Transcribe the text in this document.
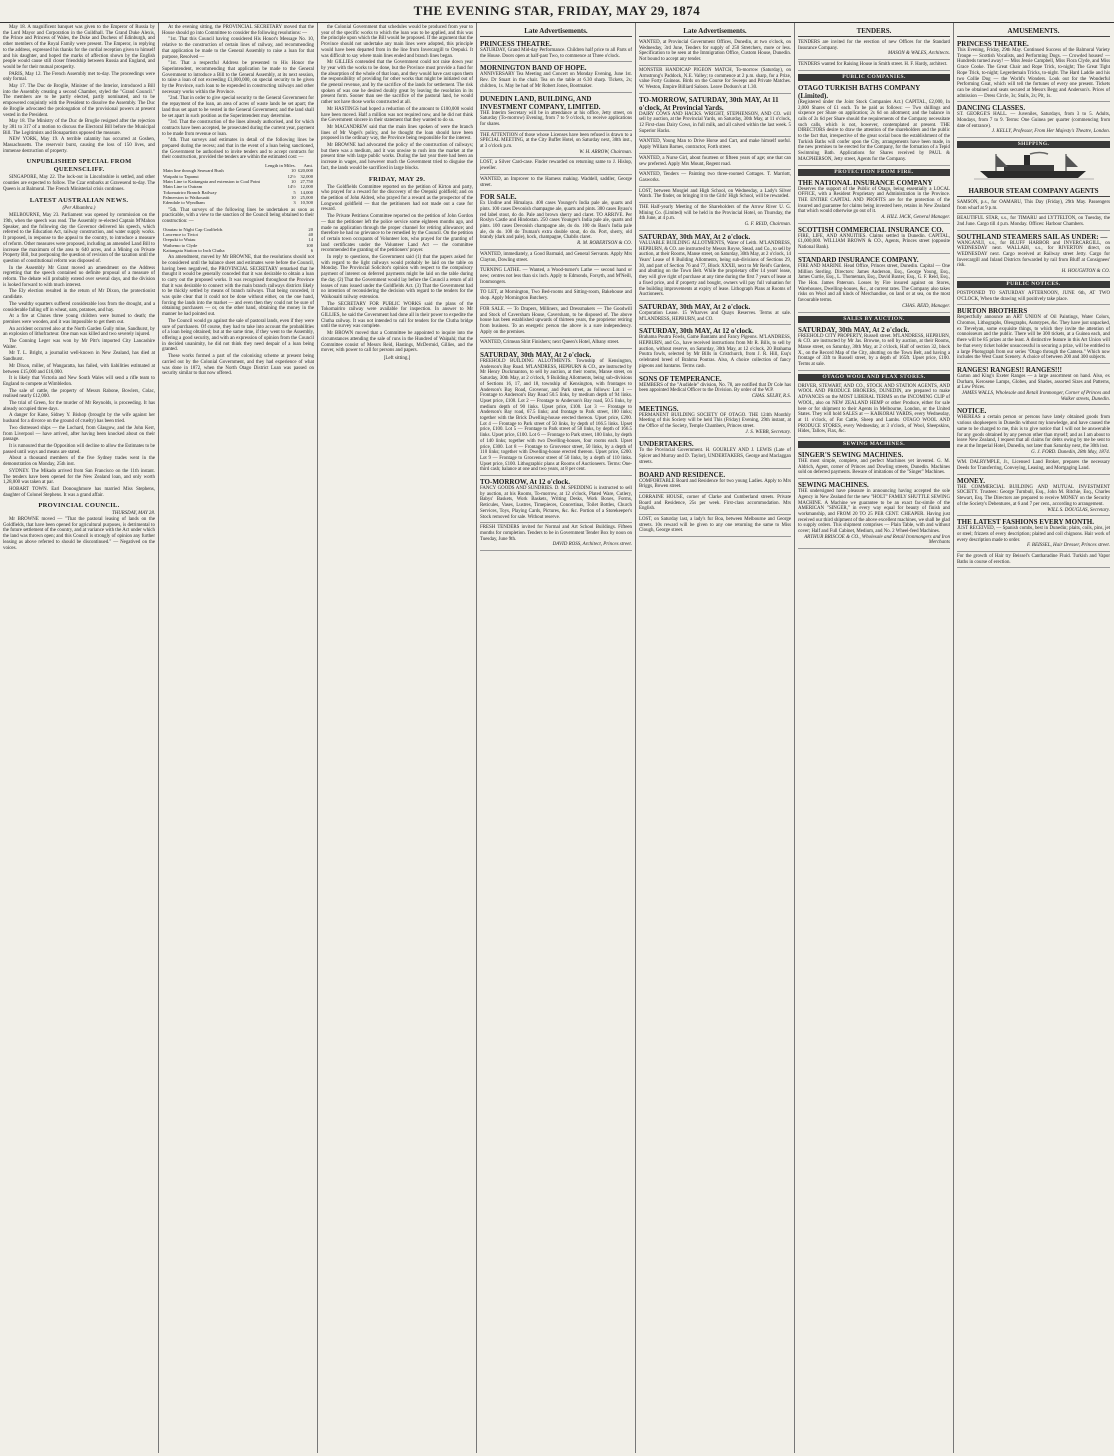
THE EVENING STAR, FRIDAY, MAY 29, 1874
May 18. A magnificent banquet was given to the Emperor of Russia by the Lord Mayor and Corporation in the Guildhall. The Grand Duke Alexis, the Prince and Princess of Wales, the Duke and Duchess of Edinburgh, and other members of the Royal Family were present. The Emperor, in replying to the address, expressed his thanks for the cordial reception given to himself and his daughter, and hoped the marks of affection shown by the English people would cause still closer friendship between Russia and England, and would be for their mutual prosperity.
PARIS, May 12. The French Assembly met to-day. The proceedings were only formal.
May 17. The Duc de Broglie, Minister of the Interior, introduced a Bill into the Assembly creating a second Chamber, styled the "Grand Council." The members are to be partly elected, partly nominated, and to be empowered conjointly with the President to dissolve the Assembly. The Duc de Broglie advocated the prolongation of the provisional powers at present vested in the President.
May 18. The Ministry of the Duc de Broglie resigned after the rejection by 381 to 317 of a motion to discuss the Electoral Bill before the Municipal Bill. The Legitimists and Bonapartists opposed the measure.
NEW YORK, May 19. A terrible calamity has occurred at Goshen, Massachusetts. The reservoir burst, causing the loss of 150 lives, and immense destruction of property.
UNPUBLISHED SPECIAL FROM QUEENSCLIFF.
SINGAPORE, May 22. The lock-out in Lincolnshire is settled, and other counties are expected to follow. The Czar embarks at Gravesend to-day. The Queen is at Balmoral. The French Ministerial crisis continues.
LATEST AUSTRALIAN NEWS.
(Per Alhambra.)
MELBOURNE, May 23. Parliament was opened by commission on the 19th, when the speech was read. The Assembly re-elected Captain M'Mahon Speaker, and the following day the Governor delivered his speech, which referred to the Education Act, railway construction, and water supply works. It proposed, in response to the appeal to the country, to introduce a measure of reform. Other measures were proposed, including an amended Land Bill to increase the maximum of the area to 640 acres, and a Mining on Private Property Bill, but postponing the question of revision of the taxation until the question of constitutional reform was disposed of.
In the Assembly Mr Grant moved an amendment on the Address regretting that the speech contained no definite proposal of a measure of reform. The debate will probably extend over several days, and the division is looked forward to with much interest.
The Ely election resulted in the return of Mr Dixon, the protectionist candidate.
The wealthy squatters suffered considerable loss from the drought, and a considerable falling off in wheat, oats, potatoes, and hay.
At a fire at Clunes three young children were burned to death; the premises were wooden, and it was impossible to get them out.
An accident occurred also at the North Garden Gully mine, Sandhurst, by an explosion of lithofracteur. One man was killed and two severely injured.
The Conning Leger was won by Mr Pitt's imported City Lancashire Waiter.
Mr T. L. Bright, a journalist well-known in New Zealand, has died at Sandhurst.
Mr Dixon, miller, of Wangaratta, has failed, with liabilities estimated at between £15,000 and £16,000.
It is likely that Victoria and New South Wales will send a rifle team to England to compete at Wimbledon.
The sale of cattle, the property of Messrs Rabone, Bowlers, Colac, realised nearly £12,000.
The trial of Green, for the murder of Mr Reynolds, is proceeding. It has already occupied three days.
A danger for Kane, Sidney Y. Bishop (brought by the wife against her husband for a divorce on the ground of cruelty) has been tried.
Two distressed ships — the Lochard, from Glasgow, and the John Kerr, from Liverpool — have arrived, after having been knocked about on their passage.
It is rumoured that the Opposition will decline to allow the Estimates to be passed until ways and means are stated.
About a thousand members of the five Sydney trades went in the demonstration on Monday, 25th inst.
SYDNEY. The Mikado arrived from San Francisco on the 11th instant. The tenders have been opened for the New Zealand loan, and only worth 1,28,000 was taken at par.
HOBART TOWN. Earl Donoughmore has married Miss Stephens, daughter of Colonel Stephens. It was a grand affair.
PROVINCIAL COUNCIL.
THURSDAY, MAY 28.
Mr BROWNE moved — "That the pastoral leasing of lands on the Goldfields, that have been opened for agricultural purposes, is detrimental to the future settlement of the country, and at variance with the Act under which the land was thrown open; and this Council is strongly of opinion any further leasing as above referred to should be discontinued." — Negatived on the voices.
At the evening sitting, the PROVINCIAL SECRETARY moved that the House should go into Committee to consider the following resolutions: —
"1st. That this Council having considered His Honor's Message No. 10, relative to the construction of certain lines of railway, and recommending that application be made to the General Assembly to raise a loan for that purpose, Resolved —
"1st. That a respectful Address be presented to His Honor the Superintendent, recommending that application be made to the General Government to introduce a Bill to the General Assembly, at its next session, to raise a loan of not exceeding £1,000,000, on special security to be given by the Province, such loan to be expended in constructing railways and other necessary works within the Province.
"2nd. That in order to give special security to the General Government for the repayment of the loan, an area of acres of waste lands be set apart; the land thus set apart to be vested in the General Government; and the land shall be set apart in such position as the Superintendent may determine.
"3rd. That the construction of the lines already authorised, and for which contracts have been accepted, be prosecuted during the current year, payment to be made from revenue or loan.
"4th. That surveys and estimates in detail of the following lines be prepared during the recess; and that in the event of a loan being sanctioned, the Government be authorised to invite tenders and to accept contracts for their construction, provided the tenders are within the estimated cost: —
	Length in Miles.	Amt.
Main line through Seaward Bush	10	£20,000
Waipahi to Tapanui	12½	32,000
Main Line to Kaitangata and extension to Coal Point	10	27,750
Main Line to Outram	14½	12,000
Tokomairiro Branch Railway	5	14,000
Palmerston to Waikouaiti	10	25,000
Edendale to Wyndham	3	10,500
"5th. That surveys of the following lines be undertaken as soon as practicable, with a view to the sanction of the Council being obtained to their construction: —
Otautau to Night Cap Coalfields	20
Lawrence to Tiviot	40
Orepuki to Waiau	14
Waihemo to Clyde	100
Kaitangata Station to Inch Clutha	6
An amendment, moved by Mr BROWNE, that the resolutions should not be considered until the balance sheet and estimates were before the Council, having been negatived, the PROVINCIAL SECRETARY remarked that he thought it would be generally conceded that it was desirable to obtain a loan to carry out the proposed works. It was recognised throughout the Province that it was desirable to connect with the main branch railways districts likely to be thickly settled by means of branch railways. That being conceded, it was quite clear that it could not be done without either, on the one hand, forcing the lands into the market — and even then they could not be sure of obtaining purchasers — or, on the other hand, obtaining the money in the manner he had pointed out.
The Council would go against the sale of pastoral lands, even if they were sure of purchasers. Of course, they had to take into account the probabilities of a loan being obtained; but at the same time, if they went to the Assembly, offering a good security, and with an expression of opinion from the Council in decided unanimity, he did not think they need despair of a loan being granted.
These works formed a part of the colonising scheme at present being carried out by the Colonial Government, and they had experience of what was done in 1872, when the North Otago District Loan was passed on security similar to that now offered.
the Colonial Government that schedules would be produced from year to year of the specific works to which the loan was to be applied, and this was the principle upon which the Bill would be proposed. If the argument that the Province should not undertake any main lines were adopted, this principle would have been departed from in the line from Invercargill to Orepuki. It was difficult to say where main lines ended and branch lines began.
Mr GILLIES contended that the Government could not raise down year by year with the works to be done, but the Province must provide a fund for the absorption of the whole of that loan, and they would have cast upon them the responsibility of providing for other works that might be initiated out of the general revenue, and by the sacrifice of the lands for settlement. The risk spoken of was one he desired doubly great by leaving the resolution in its present form. Sooner than see the sacrifice of the pastoral land, he would rather not have those works constructed at all.
Mr HASTINGS had hoped a reduction of the amount to £100,000 would have been moved. Half a million was not required now, and he did not think the Government sincere in their statement that they wanted to do so.
Mr MACANDREW said that the main lines spoken of were the branch lines of Mr Vogel's policy, and he thought the loan should have been proposed in the ordinary way, the Province being responsible for the interest.
Mr BROWNE had advocated the policy of the construction of railways; but there was a medium, and it was unwise to rush into the market at the present time with large public works. During the last year there had been an increase in wages, and however much the Government tried to disguise the fact, the lands would be sacrificed in large blocks.
FRIDAY, MAY 29.
The Goldfields Committee reported on the petition of Kirton and party, who prayed for a reward for the discovery of the Orepuki goldfield; and on the petition of John Aldred, who prayed for a reward as the prospector of the Longwood goldfield — that the petitioners had not made out a case for reward.
The Private Petitions Committee reported on the petition of John Gordon — that the petitioner left the police service some eighteen months ago, and made no application through the proper channel for retiring allowance; and therefore he had no grievance to be remedied by the Council. On the petition of certain town occupants of Volunteer lots, who prayed for the granting of land certificates under the Volunteer Land Act — the committee recommended the granting of the petitioners' prayer.
In reply to questions, the Government said (1) that the papers asked for with regard to the light railways would probably be laid on the table on Monday. The Provincial Solicitor's opinion with respect to the compulsory payment of interest on deferred payments might be laid on the table during the day. (2) That the Government would lay before the Council a return of all leases of runs issued under the Goldfields Act. (3) That the Government had no intention of reconsidering the decision with regard to the tenders for the Waikouaiti railway extension.
The SECRETARY FOR PUBLIC WORKS said the plans of the Tokomairiro railway were available for inspection. In answer to Mr GILLIES, he said the Government had done all in their power to expedite the Clutha railway. It was not intended to call for tenders for the Clutha bridge until the survey was complete.
Mr BROWN moved that a Committee be appointed to inquire into the circumstances attending the sale of runs in the Hundred of Waipahi; that the Committee consist of Messrs Reid, Hastings, McDermid, Gillies, and the mover, with power to call for persons and papers.
[Left sitting.]
Late Advertisements.
PRINCESS THEATRE.
SATURDAY, Grand Mid-day Performance. Children half price to all Parts of the House. Doors open at half-past Two, to commence at Three o'clock.
MORNINGTON BAND OF HOPE.
ANNIVERSARY Tea Meeting and Concert on Monday Evening, June 1st. Rev. Dr Stuart in the chair. Tea on the table at 6.30 sharp. Tickets, 2s; children, 1s. May be had of Mr Robert Jones, Bootmaker.
DUNEDIN LAND, BUILDING, AND INVESTMENT COMPANY, LIMITED.
THE Interim Secretary will be in attendance at his office, Jetty street, on Saturday (To-morrow) Evening, from 7 to 9 o'clock, to receive applications for shares.
THE ATTENTION of those whose Licenses have been refused is drawn to a SPECIAL MEETING, at the City Buffet Hotel, on Saturday next, 30th inst., at 3 o'clock p.m.
W. H. ARROW, Chairman.
LOST, a Silver Card-case. Finder rewarded on returning same to J. Hislop, jeweller.
WANTED, an Improver to the Harness making. Waddell, saddler, George street.
FOR SALE.
Ex Undine and Himalaya. 400 cases Younger's India pale ale, quarts and pints. 100 cases Devonish champagne ale, quarts and pints. 300 cases Byass's red label stout, do do. Pale and brown sherry and claret. TO ARRIVE. Per Roslyn Castle and Hindostan. 250 cases Younger's India pale ale, quarts and pints. 100 cases Devonish champagne ale, do do. 100 do Bass's India pale ale, do do. 100 do Truman's extra double stout, do do. Port, sherry, old brandy (dark and pale), hock, champagne, Chablis claret.
R. M. ROBERTSON & CO.
WANTED, immediately, a Good Barmaid, and General Servants. Apply Mrs Clayton, Dowling street.
TURNING LATHE. — Wanted, a Wood-turner's Lathe — second hand or new; centres not less than six inch. Apply to Edmonds, Forsyth, and M'Neill, Ironmongers.
TO LET, at Mornington, Two Bed-rooms and Sitting-room, Bakehouse and shop. Apply Mornington Butchery.
FOR SALE. — To Drapers, Milliners, and Dressmakers — The Goodwill and Stock of Caversham House, Caversham, to be disposed of. The above house has been established upwards of thirteen years, the proprietor retiring from business. To an energetic person the above is a sure independency. Apply on the premises.
WANTED, Crimean Shirt Finishers; next Queen's Hotel, Albany street.
SATURDAY, 30th MAY, At 2 o'clock.
FREEHOLD BUILDING ALLOTMENTS. Township of Kensington, Anderson's Bay Road. M'LANDRESS, HEPBURN & CO., are instructed by Mr Henry Duckmanton, to sell by auction, at their rooms, Manse street, on Saturday, 30th May, at 2 o'clock, 9 Building Allotments, being sub-divisions of Sections 16, 17, and 18, township of Kensington, with frontages to Anderson's Bay Road, Grovenor, and Park street, as follows: Lot 1 — Frontage to Anderson's Bay Road 50.5 links, by medium depth of 94 links. Upset price, £100. Lot 2 — Frontage to Anderson's Bay road, 50.5 links, by medium depth of 90 links. Upset price, £100. Lot 3 — Frontage to Anderson's Bay road, 67.5 links; and frontage to Park street, 100 links; together with the Brick Dwelling-house erected thereon. Upset price, £200. Lot 4 — Frontage to Park street of 50 links, by depth of 166.5 links. Upset price, £100. Lot 5 — Frontage to Park street of 50 links, by depth of 166.5 links. Upset price, £100. Lot 6 — Frontage to Park street, 100 links, by depth of 140 links; together with two Dwelling-houses, four rooms each. Upset price, £300. Lot 8 — Frontage to Grosvenor street, 50 links, by a depth of 110 links; together with Dwelling-house erected thereon. Upset price, £200. Lot 9 — Frontage to Grosvenor street of 50 links, by a depth of 110 links. Upset price, £100. Lithographic plans at Rooms of Auctioneers. Terms: One-third cash; balance at one and two years, at 8 per cent.
TO-MORROW, At 12 o'clock.
FANCY GOODS AND SUNDRIES. D. M. SPEDDING is instructed to sell by auction, at his Rooms, To-morrow, at 12 o'clock, Plated Ware, Cutlery, Babys' Baskets, Work Baskets, Writing Desks, Work Boxes, Forms, Reticules, Vases, Lustres, Timepieces, Concertinas, Toilet Bottles, Church Services, Toys, Playing Cards, Pictures, &c. &c. Portion of a Storekeeper's Stock removed for sale. Without reserve.
FRESH TENDERS invited for Normal and Art School Buildings. Fifteen months for completion. Tenders to be in Government Tender Box by noon on Tuesday, June 9th.
DAVID ROSS, Architect, Princes street.
Late Advertisements.
WANTED, at Provincial Government Offices, Dunedin, at two o'clock, on Wednesday, 3rd June, Tenders for supply of 250 Stretchers, more or less. Specification to be seen at the Immigration Office, Custom House, Dunedin. Not bound to accept any tender.
MONSTER HANDICAP PIGEON MATCH, To-morrow (Saturday), on Armstrong's Paddock, N.E. Valley; to commence at 2 p.m. sharp, for a Prize, value Forty Guineas. Birds on the Course for Sweeps and Private Matches. W. Weston, Empire Billiard Saloon. Leave Dodson's at 1.30.
TO-MORROW, SATURDAY, 30th MAY, At 11 o'clock, At Provincial Yards.
DAIRY COWS AND HACKS. WRIGHT, STEPHENSON, AND CO. will sell by auction, at the Provincial Yards, on Saturday, 30th May, at 11 o'clock, 12 First-class Dairy Cows, in full milk, and all calved within the last week. 5 Superior Hacks.
WANTED, Young Man to Drive Horse and Cart, and make himself useful. Apply William Barnes, contractor, Forth street.
WANTED, a Nurse Girl, about fourteen or fifteen years of age; one that can sew preferred. Apply Mrs Mount, Regent road.
WANTED, Tenders — Painting two three-roomed Cottages. T. Marriott, Gasworks.
LOST, between Mosgiel and High School, on Wednesday, a Lady's Silver Watch. The finder, on bringing it to the Girls' High School, will be rewarded.
THE Half-yearly Meeting of the Shareholders of the Arrow River U. G. Mining Co. (Limited) will be held in the Provincial Hotel, on Thursday, the 4th June, at 4 p.m.
G. F. REID, Chairman.
SATURDAY, 30th MAY, At 2 o'clock.
VALUABLE BUILDING ALLOTMENTS, Water of Leith. M'LANDRESS, HEPBURN, & CO. are instructed by Messrs Royse, Stead, and Co., to sell by auction, at their Rooms, Manse street, on Saturday, 30th May, at 2 o'clock, 14 Years' Lease of 8 Building Allotments, being sub-divisions of Sections 29, 30, and part of Section 76 and 77, Block XXXII, next to Mr Reid's Gardens, and abutting on the Town Belt. While the proprietary offer 14 years' lease, they will give right of purchase at any time during the first 7 years of lease at a fixed price, and if property and bought, owners will pay full valuation for the building improvements at expiry of lease. Lithograph Plans at Rooms of Auctioneers.
SATURDAY, 30th MAY, At 2 o'clock.
Corporation Lease. 15 Wharves and Quays Reserves. Terms at sale. M'LANDRESS, HEPBURN, and CO.
SATURDAY, 30th MAY, At 12 o'clock.
Brahama Poutra Fowls, Game Bantams and Fancy Pigeons. M'LANDRESS, HEPBURN, and Co., have received instructions from Mr R. Bills, to sell by auction, without reserve, on Saturday, 30th May, at 12 o'clock, 20 Brahama Poutra fowls, selected by Mr Bills in Cristchurch, from J. R. Hill, Esq's celebrated breed of Brahma Poutras. Also, A choice collection of fancy pigeons and bantams. Terms cash.
SONS OF TEMPERANCE.
MEMBERS of the "Audidele" division, No. 78, are notified that Dr Cole has been appointed Medical Officer to the Division. By order of the W.P.
CHAS. SELBY, R.S.
MEETINGS.
PERMANENT BUILDING SOCIETY OF OTAGO. THE 124th Monthly Meeting of this Society will be held This (Friday) Evening, 29th instant, at the Office of the Society, Temple Chambers, Princes street.
J. S. WEBB, Secretary.
UNDERTAKERS.
To the Provincial Government. H. GOURLEY AND J. LEWIS (Late of Spicer and Murray and D. Taylor), UNDERTAKERS, George and Maclaggan streets.
BOARD AND RESIDENCE.
COMFORTABLE Board and Residence for two young Ladies. Apply to Mrs Briggs, Bowen street.
LORRAINE HOUSE, corner of Clarke and Cumberland streets. Private Board and Residence, 25s per week. First-class accommodation. Mrs English.
LOST, on Saturday last, a lady's fur Boa, between Melbourne and George streets. 10s reward will be given to any one returning the same to Miss Clough, George street.
TENDERS.
TENDERS are invited for the erection of new Offices for the Standard Insurance Company.
MASON & WALES, Architects.
TENDERS wanted for Raising House in Smith street. H. F. Hardy, architect.
PUBLIC COMPANIES.
OTAGO TURKISH BATHS COMPANY (Limited).
(Registered under the Joint Stock Companies Act.) CAPITAL, £2,000, In 2,000 Shares of £1 each. To be paid as follows: — Two shillings and sixpence per Share on application; 2s 6d on allotment; and the balance in calls of 2s 6d per Share should the requirements of the Company necessitate such calls, which is not, however, contemplated at present. THE DIRECTORS desire to draw the attention of the shareholders and the public to the fact that, irrespective of the great social boon the establishment of the Turkish Baths will confer upon the City, arrangements have been made, in the new premises to be erected for the Company, for the formation of a Tepid Swimming Bath. Applications for Shares received by PAUL & MACPHERSON, Jetty street, Agents for the Company.
PROTECTION FROM FIRE.
THE NATIONAL INSURANCE COMPANY
Deserves the support of the Public of Otago, being essentially a LOCAL OFFICE, with a Resident Proprietary and Administration in the Province. THE ENTIRE CAPITAL AND PROFITS are for the protection of the insured and guarantee for claims being invested here, retains in New Zealand that which would otherwise go out of it.
A. HILL JACK, General Manager.
SCOTTISH COMMERCIAL INSURANCE CO.
FIRE, LIFE, AND ANNUITIES. Claims settled in Dunedin. CAPITAL, £1,000,000. WILLIAM BROWN & CO., Agents, Princes street (opposite National Bank).
STANDARD INSURANCE COMPANY.
FIRE AND MARINE. Head Office, Princes street, Dunedin. Capital — One Million Sterling. Directors: James Anderson, Esq., George Young, Esq., James Currie, Esq., L. Thomeman, Esq., David Baxter, Esq., G. F. Reid, Esq., The Hon. James Paterson. Losses by Fire insured against on Stores, Warehouses, Dwelling-houses, &c., at current rates. The Company also takes risks on Wool and all kinds of Merchandise, on land or at sea, on the most favourable terms.
CHAS. REID, Manager.
SALES BY AUCTION.
SATURDAY, 30th MAY, At 2 o'clock.
FREEHOLD CITY PROPERTY, Russell street. M'LANDRESS, HEPBURN, & CO. are instructed by Mr Jas. Browne, to sell by auction, at their Rooms, Manse street, on Saturday, 30th May, at 2 o'clock, Half of section 32, block X., on the Record Map of the City, abutting on the Town Belt, and having a frontage of 33ft to Russell street, by a depth of 165ft. Upset price, £100. Terms at sale.
OTAGO WOOL AND FLAX STORES.
DRIVER, STEWART, AND CO., STOCK AND STATION AGENTS, AND WOOL AND PRODUCE BROKERS, DUNEDIN, are prepared to make ADVANCES on the MOST LIBERAL TERMS on the INCOMING CLIP of WOOL, also on NEW ZEALAND HEMP or other Produce, either for sale here or for shipment to their Agents in Melbourne, London, or the United States. They will hold SALES at — KAIKORAI YARDS, every Wednesday, at 11 o'clock, of Fat Cattle, Sheep and Lambs. OTAGO WOOL AND PRODUCE STORES, every Wednesday, at 3 o'clock, of Wool, Sheepskins, Hides, Tallow, Flax, &c.
SEWING MACHINES.
SINGER'S SEWING MACHINES.
THE most simple, complete, and perfect Machines yet invented. G. M. Aldrich, Agent, corner of Princes and Dowling streets, Dunedin. Machines sold on deferred payments. Beware of imitations of the "Singer" Machines.
SEWING MACHINES.
THE undersigned have pleasure in announcing having accepted the sole Agency in New Zealand for the new "HOLT" FAMILY SHUTTLE SEWING MACHINE. A Machine we guarantee to be an exact fac-simile of the AMERICAN "SINGER," in every way equal for beauty of finish and workmanship, and FROM 20 TO 25 PER CENT. CHEAPER. Having just received our third shipment of the above excellent machines, we shall be glad to supply orders. This shipment comprises — Plain Table, with and without cover; Half and Full Cabinet, Medium, and No. 2 Wheel-feed Machines.
ARTHUR BRISCOE & CO., Wholesale and Retail Ironmongers and Iron Merchants
AMUSEMENTS.
PRINCESS THEATRE.
This Evening, Friday, 29th May. Continued Success of the Balmoral Variety Troupe — Scottish Vocalists, and Performing Dogs. — Crowded houses! — Hundreds turned away! — Miss Jessie Campbell, Miss Flora Clyde, and Miss Grace Cooke. The Great Chair and Rope Trick, to-night; The Great Tight Rope Trick, to-night; Legerdemain Tricks, to-night. The Hard Laddie and his two Collie Dog — the World's Wonders. Look out for the Wonderful Performing Goat, which will tell the fortunes of every one present. Tickets can be obtained and seats secured at Messrs Begg and Anderson's. Prices of admission — Dress Circle, 3s; Stalls, 2s; Pit, 1s.
DANCING CLASSES.
ST. GEORGE'S HALL. — Juveniles, Saturdays, from 3 to 5. Adults, Mondays, from 7 to 9. Terms: One Guinea per quarter (commencing from date of entrance).
J. KELLY, Professor, From Her Majesty's Theatre, London.
SHIPPING.
HARBOUR STEAM COMPANY AGENTS
SAMSON, p.s., for OAMARU, This Day (Friday), 29th May. Passengers from wharf at 9 p.m.
BEAUTIFUL STAR, s.s., for TIMARU and LYTTELTON, on Tuesday, the 2nd June. Cargo till 4 p.m. Monday. Offices: Harbour Chambers.
SOUTHLAND STEAMERS SAIL AS UNDER: —
WANGANUI, s.s., for BLUFF HARBOR and INVERCARGILL, on WEDNESDAY next. WALLABI, s.s., for RIVERTON direct, on WEDNESDAY next. Cargo received at Railway street Jetty. Cargo for Invercargill and Inland Districts forwarded by rail from Bluff at Consignees' risk.
H. HOUGHTON & CO.
PUBLIC NOTICES.
POSTPONED TO SATURDAY AFTERNOON, JUNE 6th, AT TWO O'CLOCK, When the drawing will positively take place.
BURTON BROTHERS
Respectfully announce an ART UNION of Oil Paintings, Water Colors, Chromos, Lithographs, Oleographs, Autotypes, &c. They have just unpacked, ex Trevelyan, some exquisite things, to which they invite the attention of connoisseurs and the public. There will be 300 tickets, at a Guinea each, and there will be 85 prizes at the least. A distinctive feature in this Art Union will be that every ticket holder unsuccessful in securing a prize, will be entitled to a large Photograph from our series "Otago through the Camera." Which now includes the West Coast Scenery. A choice of between 200 and 300 subjects.
RANGES! RANGES!! RANGES!!!
Garton and King's Exeter Ranges — a large assortment on hand. Also, ex Durham, Kerosene Lamps, Globes, and Shades, assorted Sizes and Patterns, at Low Prices.
JAMES WALLS, Wholesale and Retail Ironmonger, Corner of Princes and Walker streets, Dunedin.
NOTICE.
WHEREAS a certain person or persons have lately obtained goods from various shopkeepers in Dunedin without my knowledge, and have caused the same to be charged to me, this is to give notice that I will not be answerable for any goods obtained by any person other than myself; and as I am about to leave New Zealand, I request that all claims for debts owing by me be sent to me at the Imperial Hotel, Dunedin, not later than Saturday next, the 30th inst.
G. J. FORD. Dunedin, 28th May, 1874.
WM. DALRYMPLE, Jr., Licensed Land Broker, prepares the necessary Deeds for Transferring, Conveying, Leasing, and Mortgaging Land.
MONEY.
THE COMMERCIAL BUILDING AND MUTUAL INVESTMENT SOCIETY. Trustees: George Turnbull, Esq., John M. Ritchie, Esq., Charles Stewart, Esq. The Directors are prepared to receive MONEY on the Security of the Society's Debentures, at 6 and 7 per cent., according to arrangement.
WILL S. DOUGLAS, Secretary.
THE LATEST FASHIONS EVERY MONTH.
JUST RECEIVED, — Spanish combs, best in Dunedin; plaits, coils, pins, jet or steel; frizzets of every description; plaited and coil chignons. Hair work of every description made to order.
F. BEISSEL, Hair Dresser, Princes street.
For the growth of Hair try Beissel's Cantharadine Fluid. Turkish and Vapor Baths in course of erection.
